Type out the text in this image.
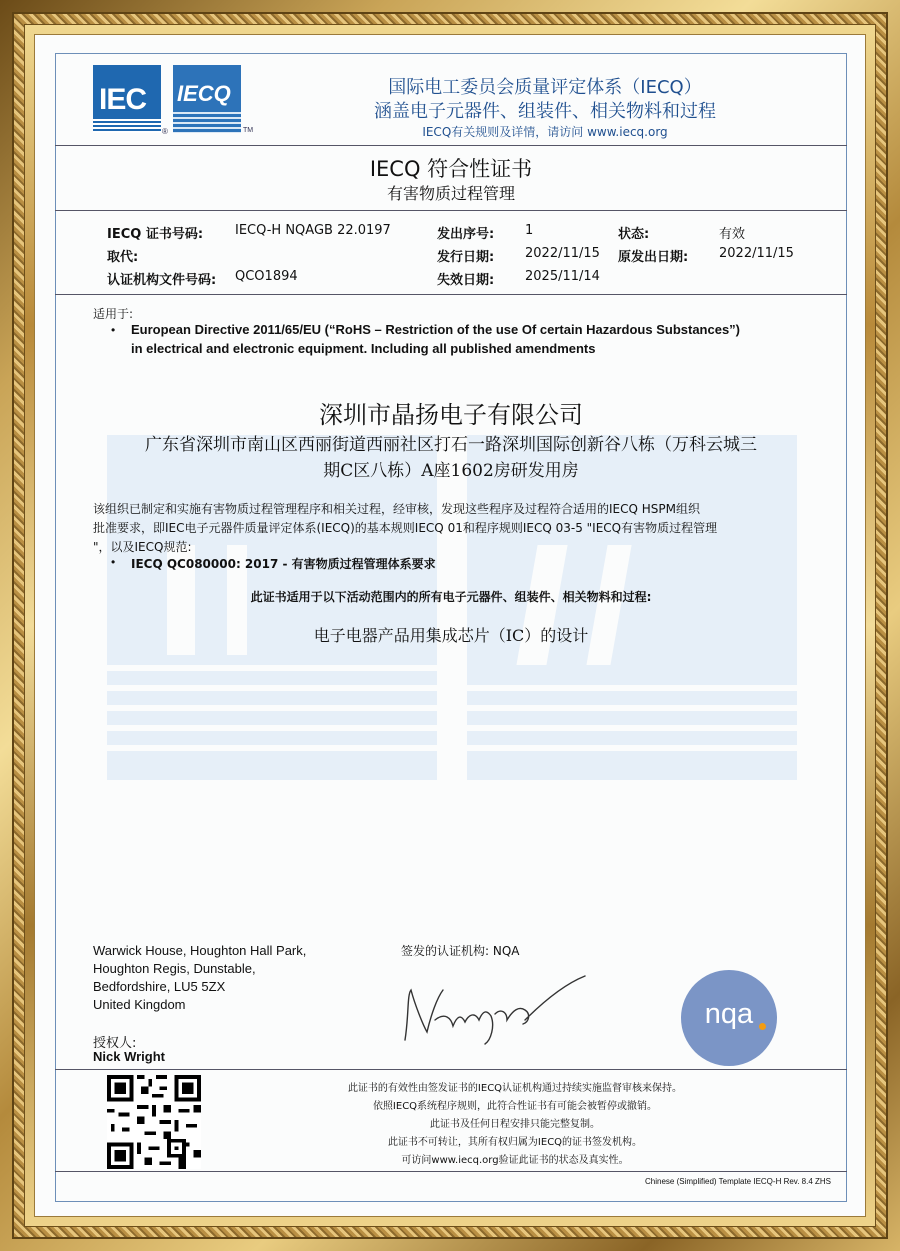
IEC
®
IECQ
TM
国际电工委员会质量评定体系（IECQ）
涵盖电子元器件、组装件、相关物料和过程
IECQ有关规则及详情，请访问 www.iecq.org
IECQ 符合性证书
有害物质过程管理
IECQ 证书号码: IECQ-H NQAGB 22.0197
取代:
认证机构文件号码: QCO1894
发出序号: 1
发行日期: 2022/11/15
失效日期: 2025/11/14
状态:	有效
原发出日期: 2022/11/15
适用于:
• European Directive 2011/65/EU (“RoHS – Restriction of the use Of certain Hazardous Substances”)
in electrical and electronic equipment. Including all published amendments
深圳市晶扬电子有限公司
广东省深圳市南山区西丽街道西丽社区打石一路深圳国际创新谷八栋（万科云城三
期C区八栋）A座1602房研发用房
该组织已制定和实施有害物质过程管理程序和相关过程，经审核，发现这些程序及过程符合适用的IECQ HSPM组织
批准要求，即IEC电子元器件质量评定体系(IECQ)的基本规则IECQ 01和程序规则IECQ 03-5 "IECQ有害物质过程管理
"，以及IECQ规范:
• IECQ QC080000: 2017 - 有害物质过程管理体系要求
此证书适用于以下活动范围内的所有电子元器件、组装件、相关物料和过程:
电子电器产品用集成芯片（IC）的设计
Warwick House, Houghton Hall Park,
Houghton Regis, Dunstable,
Bedfordshire, LU5 5ZX
United Kingdom
签发的认证机构: NQA
nqa
授权人:
Nick Wright
此证书的有效性由签发证书的IECQ认证机构通过持续实施监督审核来保持。
依照IECQ系统程序规则，此符合性证书有可能会被暂停或撤销。
此证书及任何日程安排只能完整复制。
此证书不可转让，其所有权归属为IECQ的证书签发机构。
可访问www.iecq.org验证此证书的状态及真实性。
Chinese (Simplified) Template IECQ-H Rev. 8.4 ZHS
